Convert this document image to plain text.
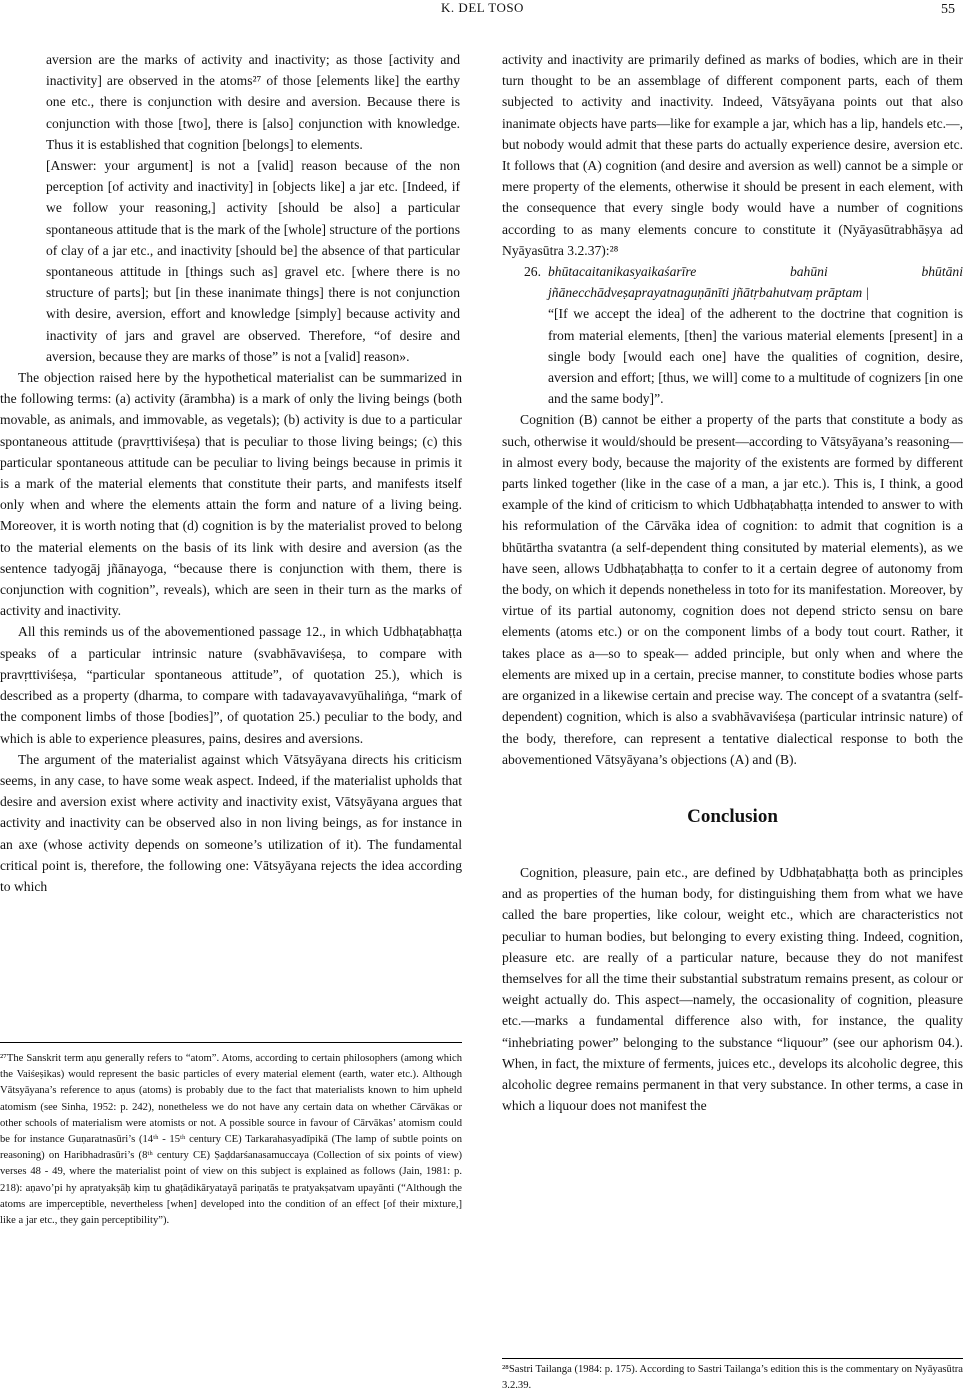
K. DEL TOSO	55

aversion are the marks of activity and inactivity; as those [activity and inactivity] are observed in the atoms²⁷ of those [elements like] the earthy one etc., there is conjunction with desire and aversion. Because there is conjunction with those [two], there is [also] conjunction with knowledge. Thus it is established that cognition [belongs] to elements.

[Answer: your argument] is not a [valid] reason because of the non perception [of activity and inactivity] in [objects like] a jar etc. [Indeed, if we follow your reasoning,] activity [should be also] a particular spontaneous attitude that is the mark of the [whole] structure of the portions of clay of a jar etc., and inactivity [should be] the absence of that particular spontaneous attitude in [things such as] gravel etc. [where there is no structure of parts]; but [in these inanimate things] there is not conjunction with desire, aversion, effort and knowledge [simply] because activity and inactivity of jars and gravel are observed. Therefore, “of desire and aversion, because they are marks of those” is not a [valid] reason».

The objection raised here by the hypothetical materialist can be summarized in the following terms: (a) activity (ārambha) is a mark of only the living beings (both movable, as animals, and immovable, as vegetals); (b) activity is due to a particular spontaneous attitude (pravṛttiviśeṣa) that is peculiar to those living beings; (c) this particular spontaneous attitude can be peculiar to living beings because in primis it is a mark of the material elements that constitute their parts, and manifests itself only when and where the elements attain the form and nature of a living being. Moreover, it is worth noting that (d) cognition is by the materialist proved to belong to the material elements on the basis of its link with desire and aversion (as the sentence tadyogāj jñānayoga, “because there is conjunction with them, there is conjunction with cognition”, reveals), which are seen in their turn as the marks of activity and inactivity.

All this reminds us of the abovementioned passage 12., in which Udbhaṭabhaṭṭa speaks of a particular intrinsic nature (svabhāvaviśeṣa, to compare with pravṛttiviśeṣa, “particular spontaneous attitude”, of quotation 25.), which is described as a property (dharma, to compare with tadavayavavyūhaliṅga, “mark of the component limbs of those [bodies]”, of quotation 25.) peculiar to the body, and which is able to experience pleasures, pains, desires and aversions.

The argument of the materialist against which Vātsyāyana directs his criticism seems, in any case, to have some weak aspect. Indeed, if the materialist upholds that desire and aversion exist where activity and inactivity exist, Vātsyāyana argues that activity and inactivity can be observed also in non living beings, as for instance in an axe (whose activity depends on someone’s utilization of it). The fundamental critical point is, therefore, the following one: Vātsyāyana rejects the idea according to which

²⁷The Sanskrit term aṇu generally refers to “atom”. Atoms, according to certain philosophers (among which the Vaiśeṣikas) would represent the basic particles of every material element (earth, water etc.). Although Vātsyāyana’s reference to aṇus (atoms) is probably due to the fact that materialists known to him upheld atomism (see Sinha, 1952: p. 242), nonetheless we do not have any certain data on whether Cārvākas or other schools of materialism were atomists or not. A possible source in favour of Cārvākas’ atomism could be for instance Guṇaratnasūri’s (14ᵗʰ - 15ᵗʰ century CE) Tarkarahasyadīpikā (The lamp of subtle points on reasoning) on Haribhadrasūri’s (8ᵗʰ century CE) Ṣaḍdarśanasamuccaya (Collection of six points of view) verses 48 - 49, where the materialist point of view on this subject is explained as follows (Jain, 1981: p. 218): aṇavo’pi hy apratyakṣāḥ kiṃ tu ghaṭādikāryatayā pariṇatās te pratyakṣatvam upayānti (“Although the atoms are imperceptible, nevertheless [when] developed into the condition of an effect [of their mixture,] like a jar etc., they gain perceptibility”).

activity and inactivity are primarily defined as marks of bodies, which are in their turn thought to be an assemblage of different component parts, each of them subjected to activity and inactivity. Indeed, Vātsyāyana points out that also inanimate objects have parts—like for example a jar, which has a lip, handels etc.—, but nobody would admit that these parts do actually experience desire, aversion etc. It follows that (A) cognition (and desire and aversion as well) cannot be a simple or mere property of the elements, otherwise it should be present in each element, with the consequence that every single body would have a number of cognitions according to as many elements concure to constitute it (Nyāyasūtrabhāṣya ad Nyāyasūtra 3.2.37):²⁸

26. bhūtacaitanikasyaikaśarīre bahūni bhūtāni jñānecchādveṣaprayatnaguṇānīti jñātṛbahutvaṃ prāptam |

“[If we accept the idea] of the adherent to the doctrine that cognition is from material elements, [then] the various material elements [present] in a single body [would each one] have the qualities of cognition, desire, aversion and effort; [thus, we will] come to a multitude of cognizers [in one and the same body]”.

Cognition (B) cannot be either a property of the parts that constitute a body as such, otherwise it would/should be present—according to Vātsyāyana’s reasoning—in almost every body, because the majority of the existents are formed by different parts linked together (like in the case of a man, a jar etc.). This is, I think, a good example of the kind of criticism to which Udbhaṭabhaṭṭa intended to answer to with his reformulation of the Cārvāka idea of cognition: to admit that cognition is a bhūtārtha svatantra (a self-dependent thing consituted by material elements), as we have seen, allows Udbhaṭabhaṭṭa to confer to it a certain degree of autonomy from the body, on which it depends nonetheless in toto for its manifestation. Moreover, by virtue of its partial autonomy, cognition does not depend stricto sensu on bare elements (atoms etc.) or on the component limbs of a body tout court. Rather, it takes place as a—so to speak— added principle, but only when and where the elements are mixed up in a certain, precise manner, to constitute bodies whose parts are organized in a likewise certain and precise way. The concept of a svatantra (self-dependent) cognition, which is also a svabhāvaviśeṣa (particular intrinsic nature) of the body, therefore, can represent a tentative dialectical response to both the abovementioned Vātsyāyana’s objections (A) and (B).

Conclusion

Cognition, pleasure, pain etc., are defined by Udbhaṭabhaṭṭa both as principles and as properties of the human body, for distinguishing them from what we have called the bare properties, like colour, weight etc., which are characteristics not peculiar to human bodies, but belonging to every existing thing. Indeed, cognition, pleasure etc. are really of a particular nature, because they do not manifest themselves for all the time their substantial substratum remains present, as colour or weight actually do. This aspect—namely, the occasionality of cognition, pleasure etc.—marks a fundamental difference also with, for instance, the quality “inhebriating power” belonging to the substance “liquour” (see our aphorism 04.). When, in fact, the mixture of ferments, juices etc., develops its alcoholic degree, this alcoholic degree remains permanent in that very substance. In other terms, a case in which a liquour does not manifest the

²⁸Sastri Tailanga (1984: p. 175). According to Sastri Tailanga’s edition this is the commentary on Nyāyasūtra 3.2.39.
